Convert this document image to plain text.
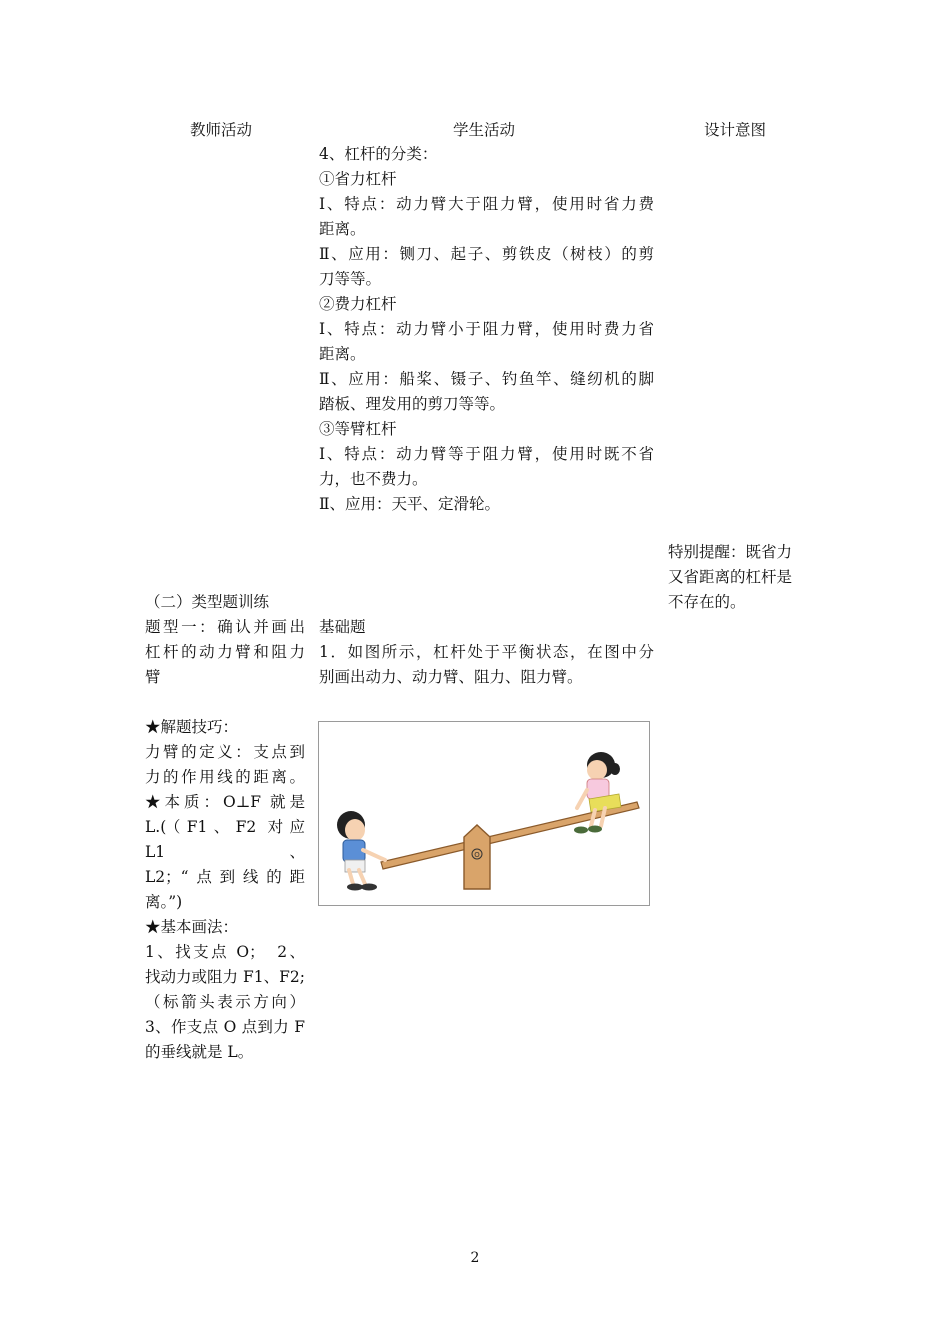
教师活动	学生活动	设计意图
4、杠杆的分类：
①省力杠杆
Ⅰ、特点：动力臂大于阻力臂，使用时省力费
距离。
Ⅱ、应用：铡刀、起子、剪铁皮（树枝）的剪
刀等等。
②费力杠杆
Ⅰ、特点：动力臂小于阻力臂，使用时费力省
距离。
Ⅱ、应用：船桨、镊子、钓鱼竿、缝纫机的脚
踏板、理发用的剪刀等等。
③等臂杠杆
Ⅰ、特点：动力臂等于阻力臂，使用时既不省
力，也不费力。
Ⅱ、应用：天平、定滑轮。
特别提醒：既省力
又省距离的杠杆是
不存在的。
（二）类型题训练
题型一：确认并画出
杠杆的动力臂和阻力
臂
基础题
1．如图所示，杠杆处于平衡状态，在图中分
别画出动力、动力臂、阻力、阻力臂。
★解题技巧：
力臂的定义：支点到
力的作用线的距离。
★本质：O⊥F 就是
L.(（F1、F2 对应 L1、
L2；“点到线的距
离。”)
★基本画法：
1、找支点 O；　2、
找动力或阻力 F1、F2;
（标箭头表示方向）
3、作支点 O 点到力 F
的垂线就是 L。
O
2
